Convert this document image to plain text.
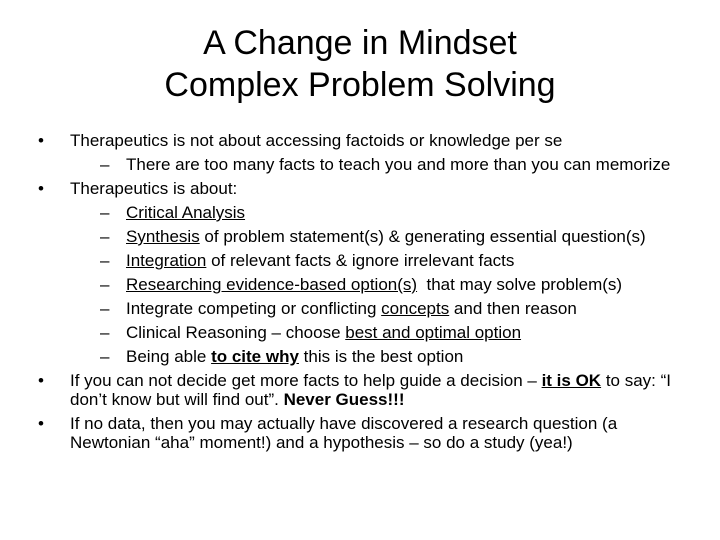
A Change in Mindset
Complex Problem Solving
• Therapeutics is not about accessing factoids or knowledge per se
– There are too many facts to teach you and more than you can memorize
• Therapeutics is about:
– Critical Analysis
– Synthesis of problem statement(s) & generating essential question(s)
– Integration of relevant facts & ignore irrelevant facts
– Researching evidence-based option(s)  that may solve problem(s)
– Integrate competing or conflicting concepts and then reason
– Clinical Reasoning – choose best and optimal option
– Being able to cite why this is the best option
• If you can not decide get more facts to help guide a decision – it is OK to say: “I don’t know but will find out”. Never Guess!!!
• If no data, then you may actually have discovered a research question (a Newtonian “aha” moment!) and a hypothesis – so do a study (yea!)
